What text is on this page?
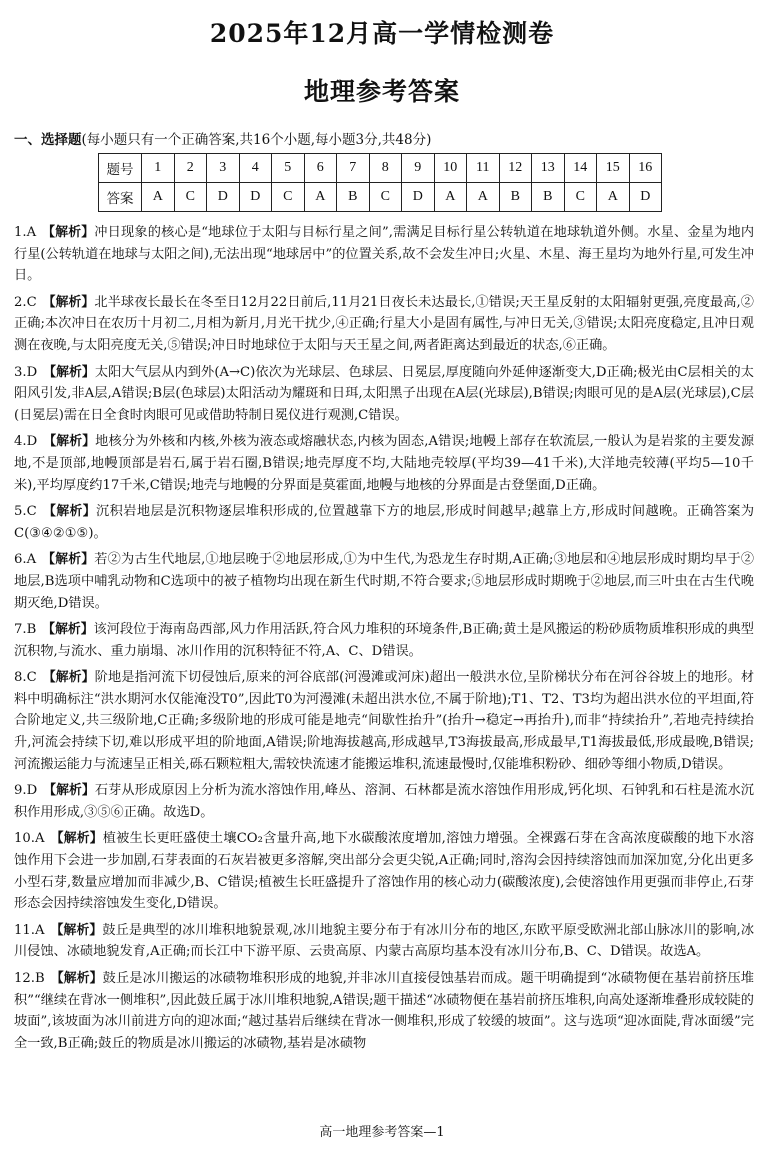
2025年12月高一学情检测卷
地理参考答案
一、选择题(每小题只有一个正确答案,共16个小题,每小题3分,共48分)
题号	1	2	3	4	5	6	7	8	9	10	11	12	13	14	15	16
答案	A	C	D	D	C	A	B	C	D	A	A	B	B	C	A	D
1.A 【解析】冲日现象的核心是“地球位于太阳与目标行星之间”,需满足目标行星公转轨道在地球轨道外侧。水星、金星为地内行星(公转轨道在地球与太阳之间),无法出现“地球居中”的位置关系,故不会发生冲日;火星、木星、海王星均为地外行星,可发生冲日。
2.C 【解析】北半球夜长最长在冬至日12月22日前后,11月21日夜长未达最长,①错误;天王星反射的太阳辐射更强,亮度最高,②正确;本次冲日在农历十月初二,月相为新月,月光干扰少,④正确;行星大小是固有属性,与冲日无关,③错误;太阳亮度稳定,且冲日观测在夜晚,与太阳亮度无关,⑤错误;冲日时地球位于太阳与天王星之间,两者距离达到最近的状态,⑥正确。
3.D 【解析】太阳大气层从内到外(A→C)依次为光球层、色球层、日冕层,厚度随向外延伸逐渐变大,D正确;极光由C层相关的太阳风引发,非A层,A错误;B层(色球层)太阳活动为耀斑和日珥,太阳黑子出现在A层(光球层),B错误;肉眼可见的是A层(光球层),C层(日冕层)需在日全食时肉眼可见或借助特制日冕仪进行观测,C错误。
4.D 【解析】地核分为外核和内核,外核为液态或熔融状态,内核为固态,A错误;地幔上部存在软流层,一般认为是岩浆的主要发源地,不是顶部,地幔顶部是岩石,属于岩石圈,B错误;地壳厚度不均,大陆地壳较厚(平均39—41千米),大洋地壳较薄(平均5—10千米),平均厚度约17千米,C错误;地壳与地幔的分界面是莫霍面,地幔与地核的分界面是古登堡面,D正确。
5.C 【解析】沉积岩地层是沉积物逐层堆积形成的,位置越靠下方的地层,形成时间越早;越靠上方,形成时间越晚。正确答案为C(③④②①⑤)。
6.A 【解析】若②为古生代地层,①地层晚于②地层形成,①为中生代,为恐龙生存时期,A正确;③地层和④地层形成时期均早于②地层,B选项中哺乳动物和C选项中的被子植物均出现在新生代时期,不符合要求;⑤地层形成时期晚于②地层,而三叶虫在古生代晚期灭绝,D错误。
7.B 【解析】该河段位于海南岛西部,风力作用活跃,符合风力堆积的环境条件,B正确;黄土是风搬运的粉砂质物质堆积形成的典型沉积物,与流水、重力崩塌、冰川作用的沉积特征不符,A、C、D错误。
8.C 【解析】阶地是指河流下切侵蚀后,原来的河谷底部(河漫滩或河床)超出一般洪水位,呈阶梯状分布在河谷谷坡上的地形。材料中明确标注“洪水期河水仅能淹没T0”,因此T0为河漫滩(未超出洪水位,不属于阶地);T1、T2、T3均为超出洪水位的平坦面,符合阶地定义,共三级阶地,C正确;多级阶地的形成可能是地壳“间歇性抬升”(抬升→稳定→再抬升),而非“持续抬升”,若地壳持续抬升,河流会持续下切,难以形成平坦的阶地面,A错误;阶地海拔越高,形成越早,T3海拔最高,形成最早,T1海拔最低,形成最晚,B错误;河流搬运能力与流速呈正相关,砾石颗粒粗大,需较快流速才能搬运堆积,流速最慢时,仅能堆积粉砂、细砂等细小物质,D错误。
9.D 【解析】石芽从形成原因上分析为流水溶蚀作用,峰丛、溶洞、石林都是流水溶蚀作用形成,钙化坝、石钟乳和石柱是流水沉积作用形成,③⑤⑥正确。故选D。
10.A 【解析】植被生长更旺盛使土壤CO₂含量升高,地下水碳酸浓度增加,溶蚀力增强。全裸露石芽在含高浓度碳酸的地下水溶蚀作用下会进一步加剧,石芽表面的石灰岩被更多溶解,突出部分会更尖锐,A正确;同时,溶沟会因持续溶蚀而加深加宽,分化出更多小型石芽,数量应增加而非减少,B、C错误;植被生长旺盛提升了溶蚀作用的核心动力(碳酸浓度),会使溶蚀作用更强而非停止,石芽形态会因持续溶蚀发生变化,D错误。
11.A 【解析】鼓丘是典型的冰川堆积地貌景观,冰川地貌主要分布于有冰川分布的地区,东欧平原受欧洲北部山脉冰川的影响,冰川侵蚀、冰碛地貌发育,A正确;而长江中下游平原、云贵高原、内蒙古高原均基本没有冰川分布,B、C、D错误。故选A。
12.B 【解析】鼓丘是冰川搬运的冰碛物堆积形成的地貌,并非冰川直接侵蚀基岩而成。题干明确提到“冰碛物便在基岩前挤压堆积”“继续在背冰一侧堆积”,因此鼓丘属于冰川堆积地貌,A错误;题干描述“冰碛物便在基岩前挤压堆积,向高处逐渐堆叠形成较陡的坡面”,该坡面为冰川前进方向的迎冰面;“越过基岩后继续在背冰一侧堆积,形成了较缓的坡面”。这与选项“迎冰面陡,背冰面缓”完全一致,B正确;鼓丘的物质是冰川搬运的冰碛物,基岩是冰碛物
高一地理参考答案—1
